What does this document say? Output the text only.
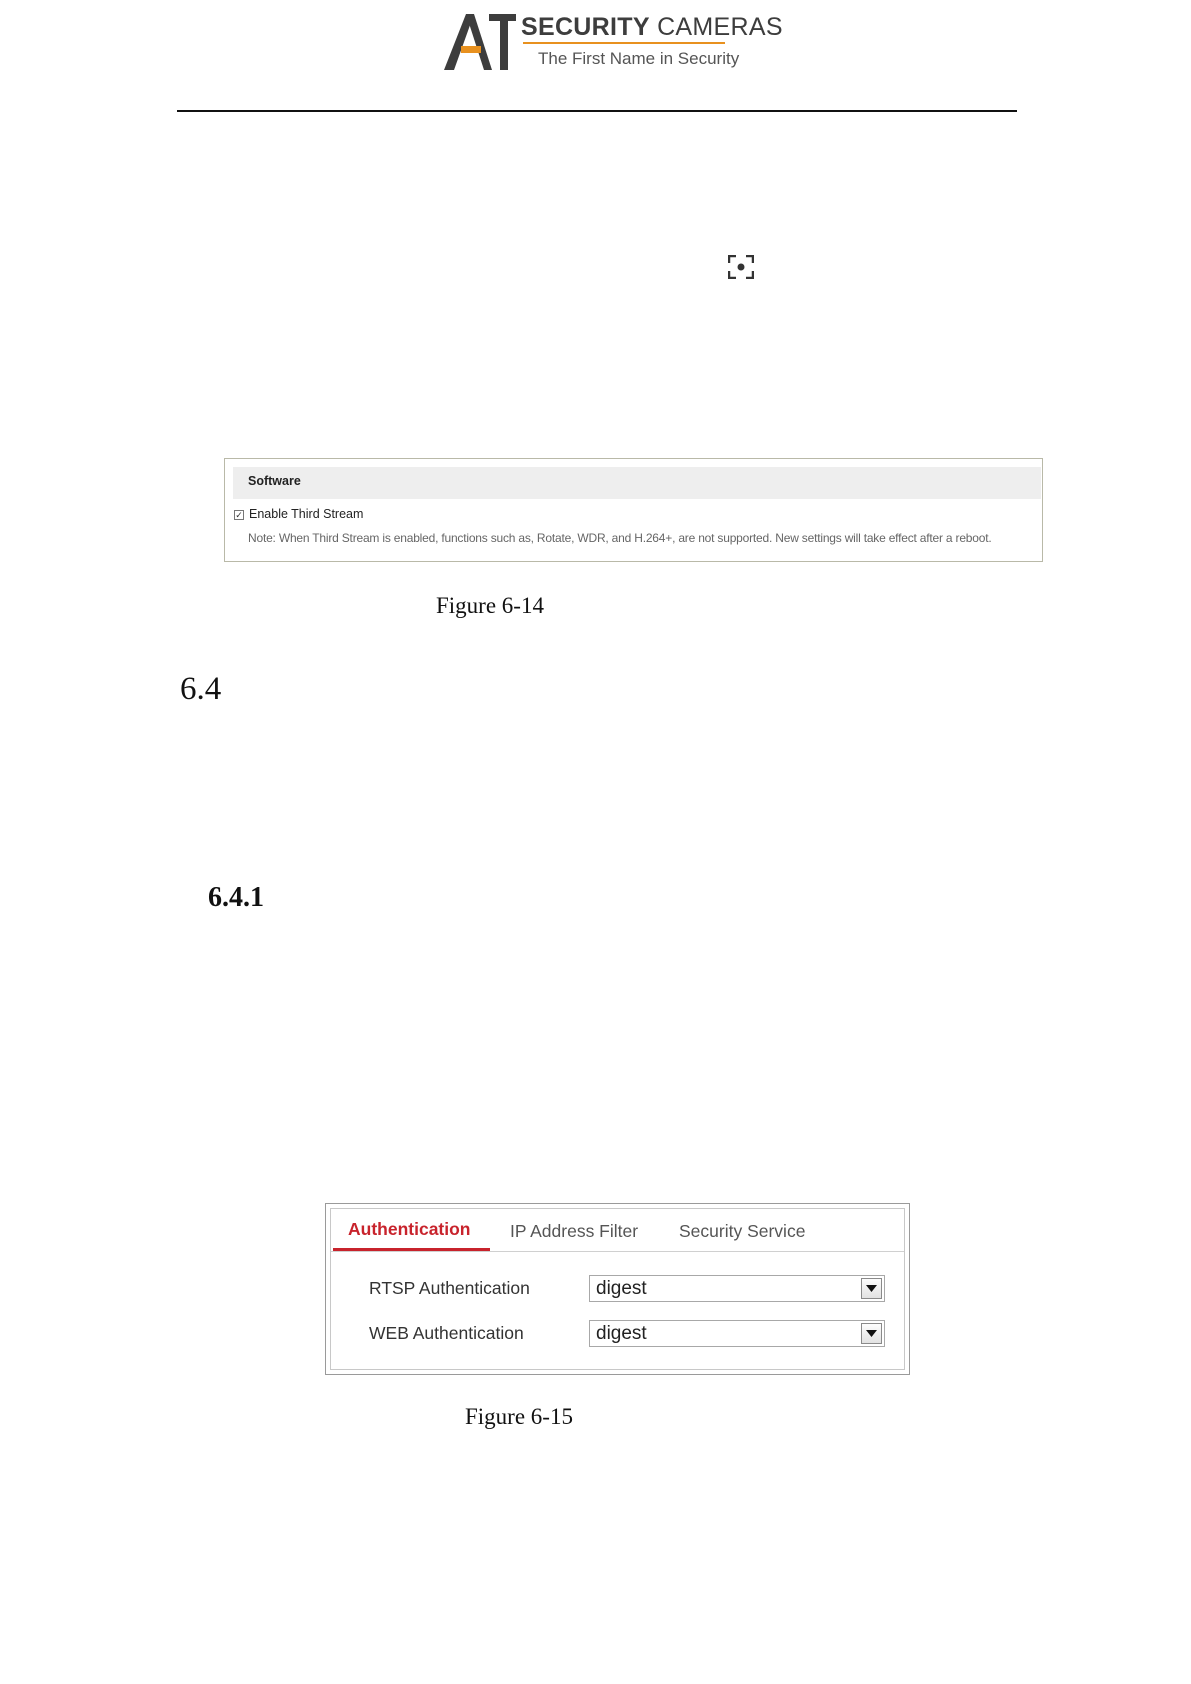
SECURITY CAMERAS
The First Name in Security
Software
✓ Enable Third Stream
Note: When Third Stream is enabled, functions such as, Rotate, WDR, and H.264+, are not supported. New settings will take effect after a reboot.
Figure 6-14
6.4
6.4.1
Authentication IP Address Filter Security Service
RTSP Authentication	digest
WEB Authentication	digest
Figure 6-15
